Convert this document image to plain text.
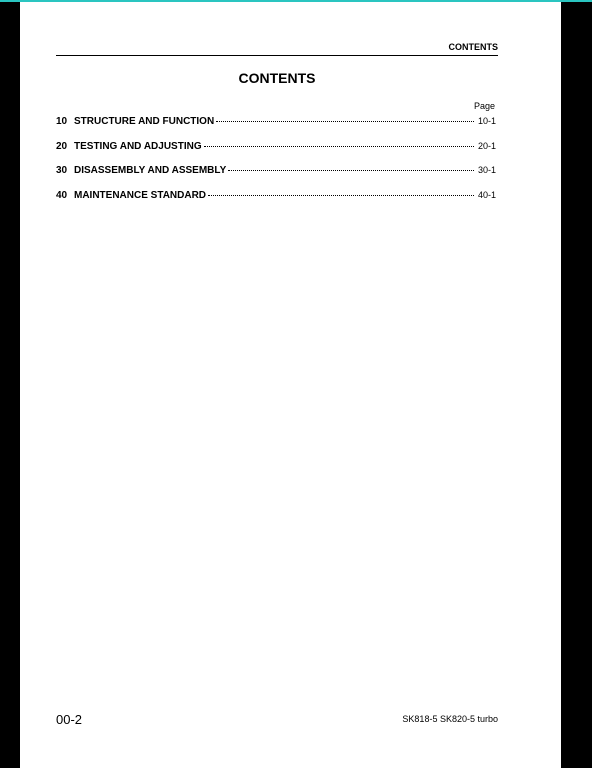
CONTENTS
CONTENTS
Page
10 STRUCTURE AND FUNCTION	10-1
20 TESTING AND ADJUSTING	20-1
30 DISASSEMBLY AND ASSEMBLY	30-1
40 MAINTENANCE STANDARD	40-1
00-2	SK818-5 SK820-5 turbo
